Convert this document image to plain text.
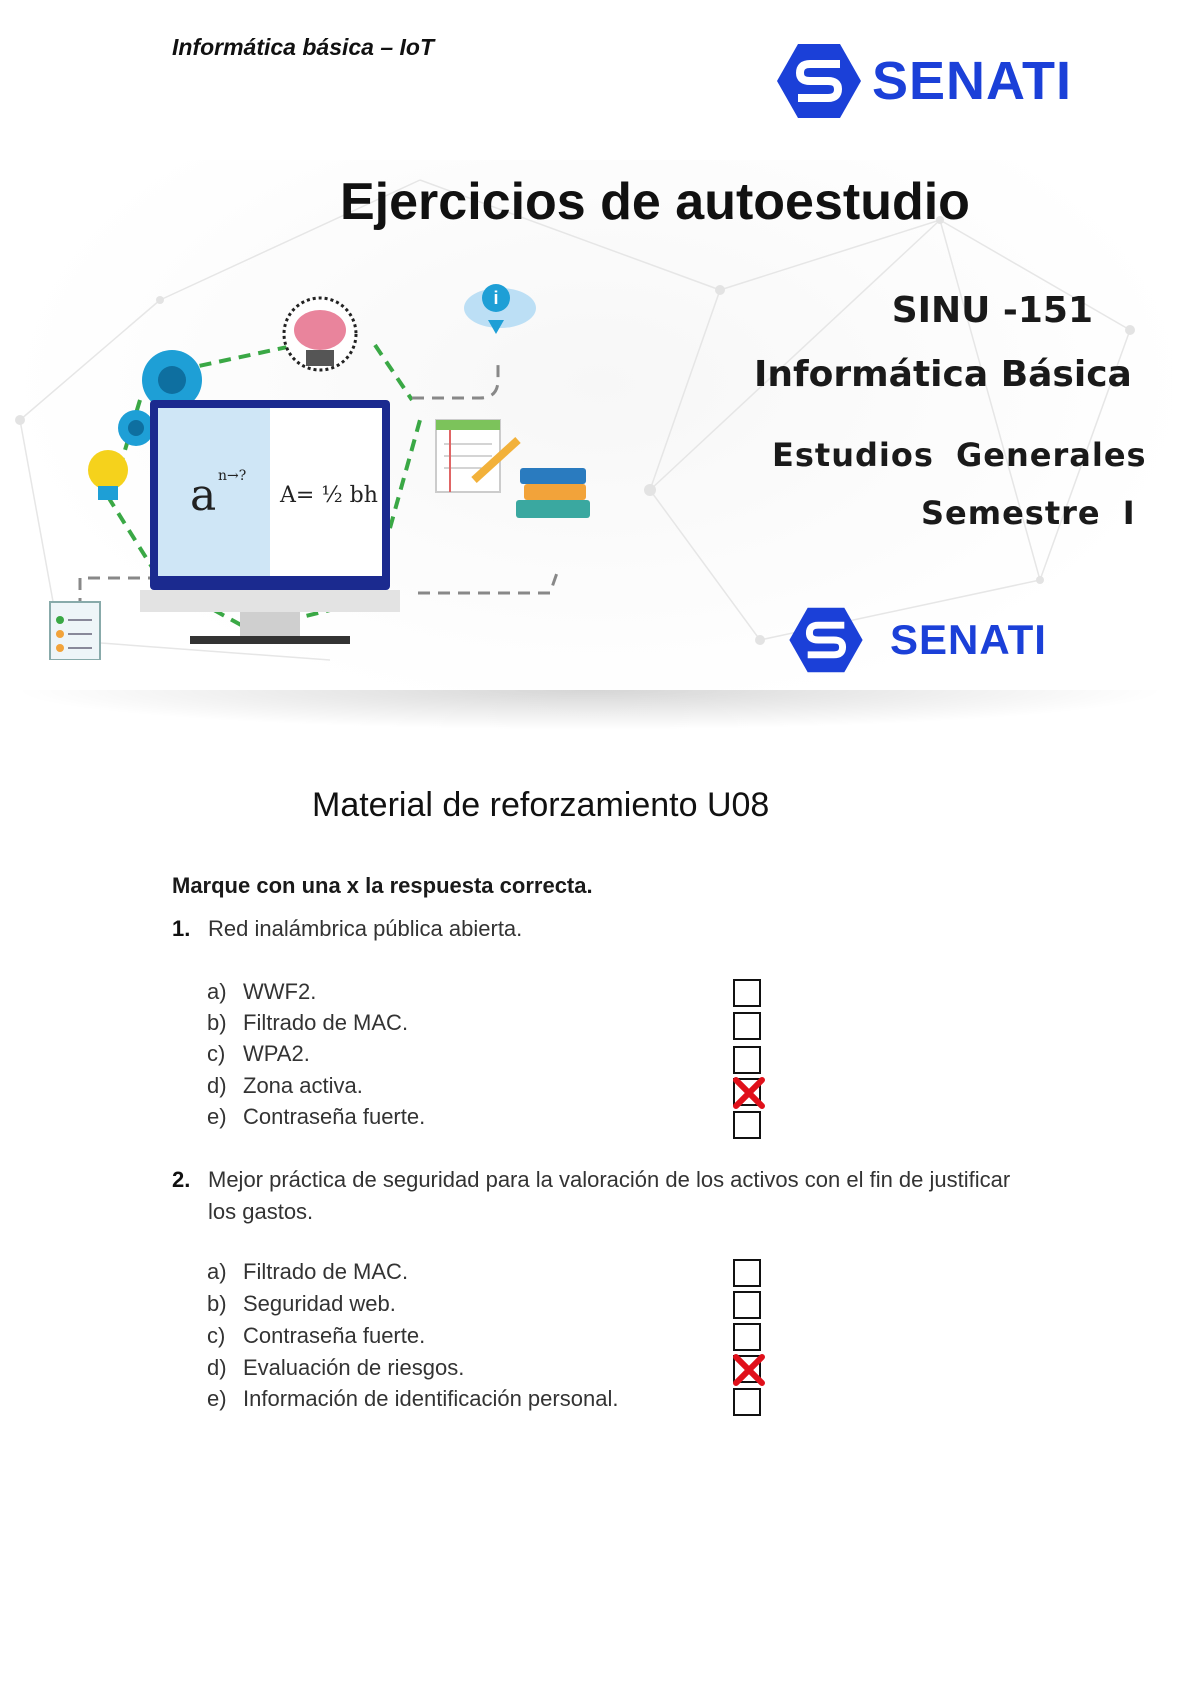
Informática básica – IoT
SENATI
Ejercicios de autoestudio
i
a n→?
A= ½ bh
SINU -151
Informática Básica
Estudios Generales
Semestre I
SENATI
Material de reforzamiento U08
Marque con una x la respuesta correcta.
1. Red inalámbrica pública abierta.
a) WWF2.
b) Filtrado de MAC.
c) WPA2.
d) Zona activa.
e) Contraseña fuerte.
2. Mejor práctica de seguridad para la valoración de los activos con el fin de justificar los gastos.
a) Filtrado de MAC.
b) Seguridad web.
c) Contraseña fuerte.
d) Evaluación de riesgos.
e) Información de identificación personal.
